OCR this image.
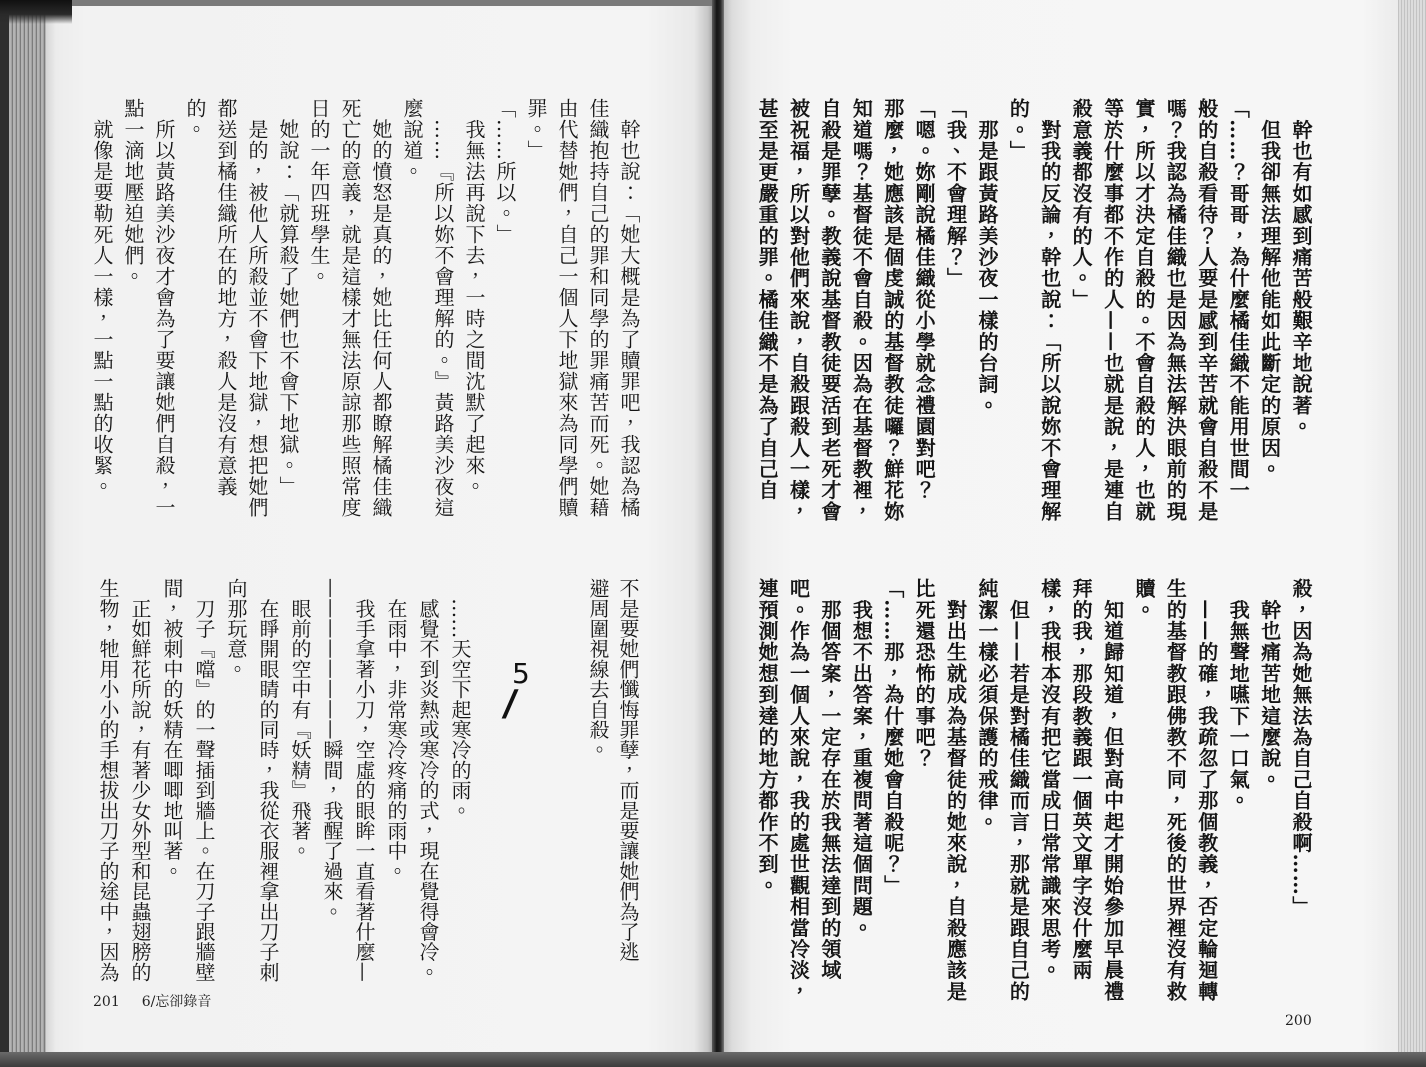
　幹也有如感到痛苦般艱辛地說著。
　但我卻無法理解他能如此斷定的原因。
「……？哥哥，為什麼橘佳織不能用世間一
般的自殺看待？人要是感到辛苦就會自殺不是
嗎？我認為橘佳織也是因為無法解決眼前的現
實，所以才決定自殺的。不會自殺的人，也就
等於什麼事都不作的人——也就是說，是連自
殺意義都沒有的人。」
　對我的反論，幹也說：「所以說妳不會理解
的。」
　那是跟黃路美沙夜一樣的台詞。
「我、不會理解？」
「嗯。妳剛說橘佳織從小學就念禮園對吧？
那麼，她應該是個虔誠的基督教徒囉？鮮花妳
知道嗎？基督徒不會自殺。因為在基督教裡，
自殺是罪孽。教義說基督教徒要活到老死才會
被祝福，所以對他們來說，自殺跟殺人一樣，
甚至是更嚴重的罪。橘佳織不是為了自己自
殺，因為她無法為自己自殺啊……」
　幹也痛苦地這麼說。
　我無聲地嚥下一口氣。
　——的確，我疏忽了那個教義，否定輪迴轉
生的基督教跟佛教不同，死後的世界裡沒有救
贖。
　知道歸知道，但對高中起才開始參加早晨禮
拜的我，那段教義跟一個英文單字沒什麼兩
樣，我根本沒有把它當成日常常識來思考。
　但——若是對橘佳織而言，那就是跟自己的
純潔一樣必須保護的戒律。
　對出生就成為基督徒的她來說，自殺應該是
比死還恐怖的事吧？
「……那，為什麼她會自殺呢？」
　我想不出答案，重複問著這個問題。
　那個答案，一定存在於我無法達到的領域
吧。作為一個人來說，我的處世觀相當冷淡，
連預測她想到達的地方都作不到。
　幹也說：「她大概是為了贖罪吧，我認為橘
佳織抱持自己的罪和同學的罪痛苦而死。她藉
由代替她們，自己一個人下地獄來為同學們贖
罪。」
「……所以。」
　我無法再說下去，一時之間沈默了起來。
　……『所以妳不會理解的。』黃路美沙夜這
麼說道。
　她的憤怒是真的，她比任何人都瞭解橘佳織
死亡的意義，就是這樣才無法原諒那些照常度
日的一年四班學生。
　她說：「就算殺了她們也不會下地獄。」
　是的，被他人所殺並不會下地獄，想把她們
都送到橘佳織所在的地方，殺人是沒有意義
的。
　所以黃路美沙夜才會為了要讓她們自殺，一
點一滴地壓迫她們。
　就像是要勒死人一樣，一點一點的收緊。
不是要她們懺悔罪孽，而是要讓她們為了逃
避周圍視線去自殺。
5
/
　……天空下起寒冷的雨。
　感覺不到炎熱或寒冷的式，現在覺得會冷。
　在雨中，非常寒冷疼痛的雨中。
　我手拿著小刀，空虛的眼眸一直看著什麼—
————————瞬間，我醒了過來。
　眼前的空中有『妖精』飛著。
　在睜開眼睛的同時，我從衣服裡拿出刀子刺
向那玩意。
　刀子『噹』的一聲插到牆上。在刀子跟牆壁
間，被刺中的妖精在唧唧地叫著。
　正如鮮花所說，有著少女外型和昆蟲翅膀的
生物，牠用小小的手想拔出刀子的途中，因為
201 6/忘卻錄音
200
